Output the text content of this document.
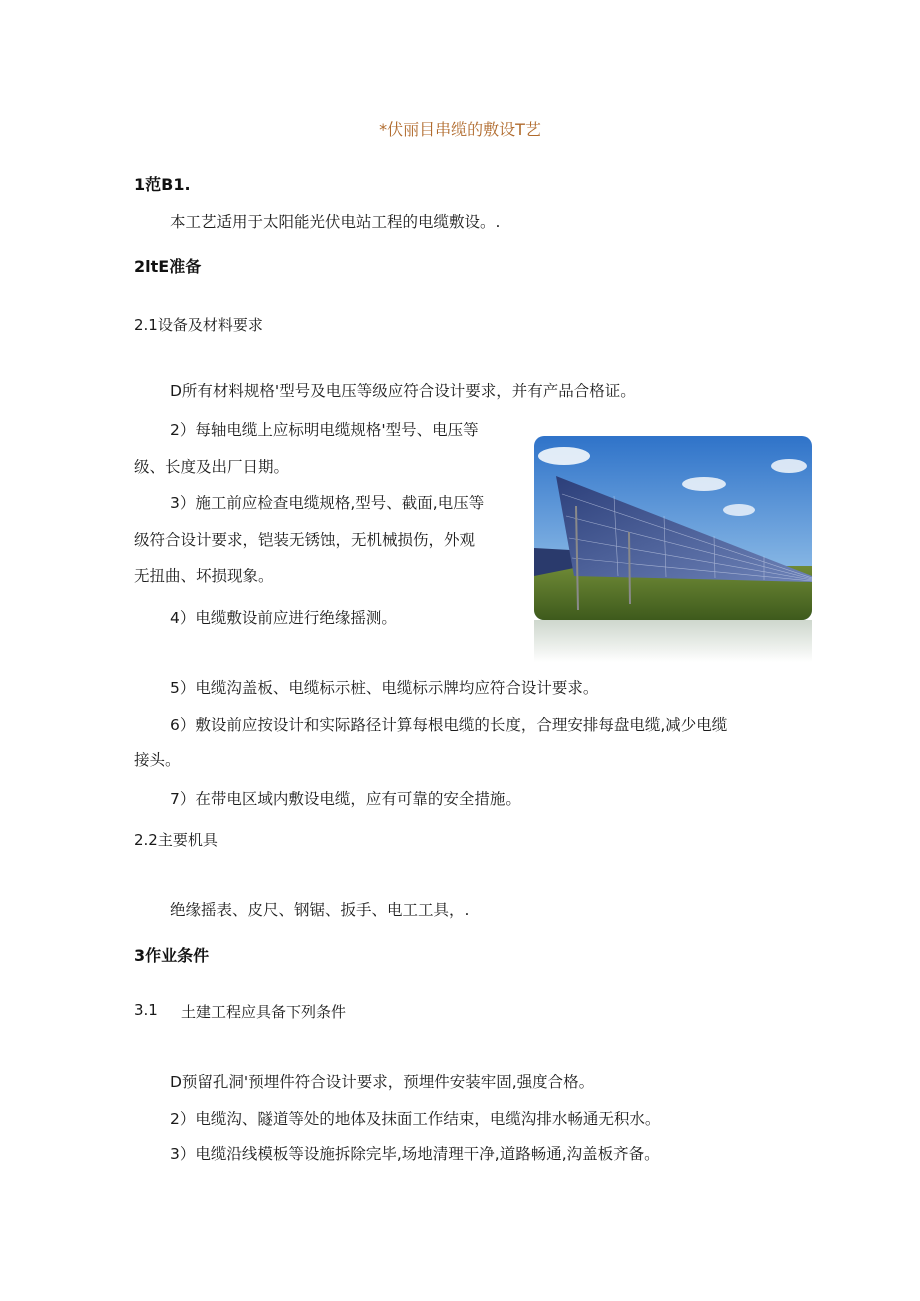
*伏丽目串缆的敷设T艺
1范B1.
本工艺适用于太阳能光伏电站工程的电缆敷设。.
2ltE准备
2.1设备及材料要求
D所有材料规格'型号及电压等级应符合设计要求，并有产品合格证。
2）每轴电缆上应标明电缆规格'型号、电压等
级、长度及出厂日期。
3）施工前应检查电缆规格,型号、截面,电压等
级符合设计要求，铠装无锈蚀，无机械损伤，外观
无扭曲、坏损现象。
4）电缆敷设前应进行绝缘摇测。
5）电缆沟盖板、电缆标示桩、电缆标示牌均应符合设计要求。
6）敷设前应按设计和实际路径计算每根电缆的长度，合理安排每盘电缆,减少电缆
接头。
7）在带电区域内敷设电缆，应有可靠的安全措施。
2.2主要机具
绝缘摇表、皮尺、钢锯、扳手、电工工具，.
3作业条件
3.1 土建工程应具备下列条件
D预留孔洞'预埋件符合设计要求，预埋件安装牢固,强度合格。
2）电缆沟、隧道等处的地体及抹面工作结束，电缆沟排水畅通无积水。
3）电缆沿线模板等设施拆除完毕,场地清理干净,道路畅通,沟盖板齐备。
